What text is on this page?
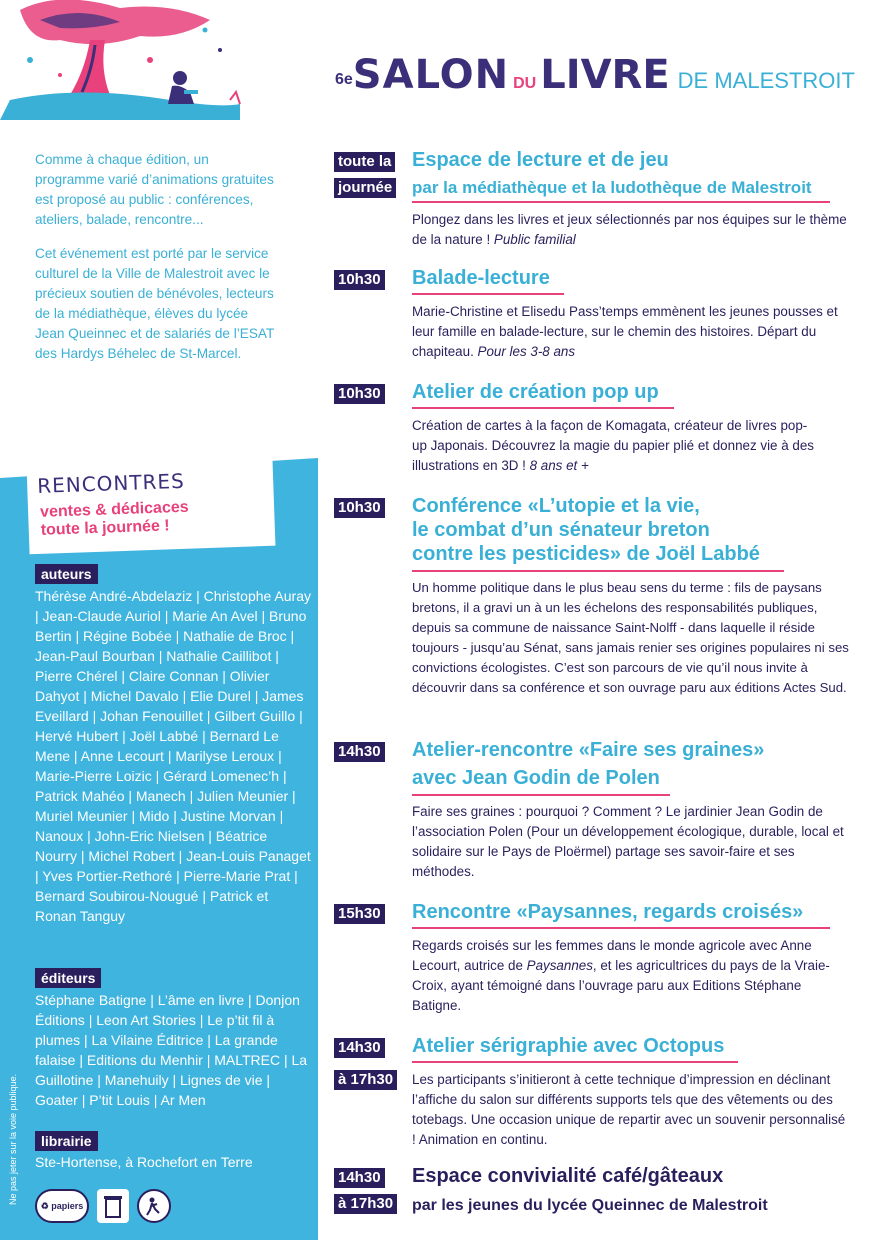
6eSALON DU LIVRE DE MALESTROIT

Comme à chaque édition, un programme varié d’animations gratuites est proposé au public : conférences, ateliers, balade, rencontre...

Cet événement est porté par le service culturel de la Ville de Malestroit avec le précieux soutien de bénévoles, lecteurs de la médiathèque, élèves du lycée Jean Queinnec et de salariés de l’ESAT des Hardys Béhelec de St-Marcel.

RENCONTRES
ventes & dédicaces
toute la journée !
auteurs
Thérèse André-Abdelaziz | Christophe Auray | Jean-Claude Auriol | Marie An Avel | Bruno Bertin | Régine Bobée | Nathalie de Broc | Jean-Paul Bourban | Nathalie Caillibot | Pierre Chérel | Claire Connan | Olivier Dahyot | Michel Davalo | Elie Durel | James Eveillard | Johan Fenouillet | Gilbert Guillo | Hervé Hubert | Joël Labbé | Bernard Le Mene | Anne Lecourt | Marilyse Leroux | Marie-Pierre Loizic | Gérard Lomenec’h | Patrick Mahéo | Manech | Julien Meunier | Muriel Meunier | Mido | Justine Morvan | Nanoux | John-Eric Nielsen | Béatrice Nourry | Michel Robert | Jean-Louis Panaget | Yves Portier-Rethoré | Pierre-Marie Prat | Bernard Soubirou-Nougué | Patrick et Ronan Tanguy
éditeurs
Stéphane Batigne | L’âme en livre | Donjon Éditions | Leon Art Stories | Le p’tit fil à plumes | La Vilaine Éditrice | La grande falaise | Editions du Menhir | MALTREC | La Guillotine | Manehuily | Lignes de vie | Goater | P’tit Louis | Ar Men
librairie
Ste-Hortense, à Rochefort en Terre
Ne pas jeter sur la voie publique.
♻
papiers
toute la
journée
Espace de lecture et de jeu
par la médiathèque et la ludothèque de Malestroit
Plongez dans les livres et jeux sélectionnés par nos équipes sur le thème de la nature ! Public familial
10h30 Balade-lecture
Marie-Christine et Elisedu Pass’temps emmènent les jeunes pousses et leur famille en balade-lecture, sur le chemin des histoires. Départ du chapiteau. Pour les 3-8 ans
10h30 Atelier de création pop up
Création de cartes à la façon de Komagata, créateur de livres pop-up Japonais. Découvrez la magie du papier plié et donnez vie à des illustrations en 3D ! 8 ans et +
10h30 Conférence «L’utopie et la vie,
le combat d’un sénateur breton
contre les pesticides» de Joël Labbé
Un homme politique dans le plus beau sens du terme : fils de paysans bretons, il a gravi un à un les échelons des responsabilités publiques, depuis sa commune de naissance Saint-Nolff - dans laquelle il réside toujours - jusqu’au Sénat, sans jamais renier ses origines populaires ni ses convictions écologistes. C’est son parcours de vie qu’il nous invite à découvrir dans sa conférence et son ouvrage paru aux éditions Actes Sud.
14h30 Atelier-rencontre «Faire ses graines»
avec Jean Godin de Polen
Faire ses graines : pourquoi ? Comment ? Le jardinier Jean Godin de l’association Polen (Pour un développement écologique, durable, local et solidaire sur le Pays de Ploërmel) partage ses savoir-faire et ses méthodes.
15h30 Rencontre «Paysannes, regards croisés»
Regards croisés sur les femmes dans le monde agricole avec Anne Lecourt, autrice de Paysannes, et les agricultrices du pays de la Vraie-Croix, ayant témoigné dans l’ouvrage paru aux Editions Stéphane Batigne.
14h30
à 17h30
Atelier sérigraphie avec Octopus
Les participants s’initieront à cette technique d’impression en déclinant l’affiche du salon sur différents supports tels que des vêtements ou des totebags. Une occasion unique de repartir avec un souvenir personnalisé ! Animation en continu.
14h30
à 17h30
Espace convivialité café/gâteaux
par les jeunes du lycée Queinnec de Malestroit
